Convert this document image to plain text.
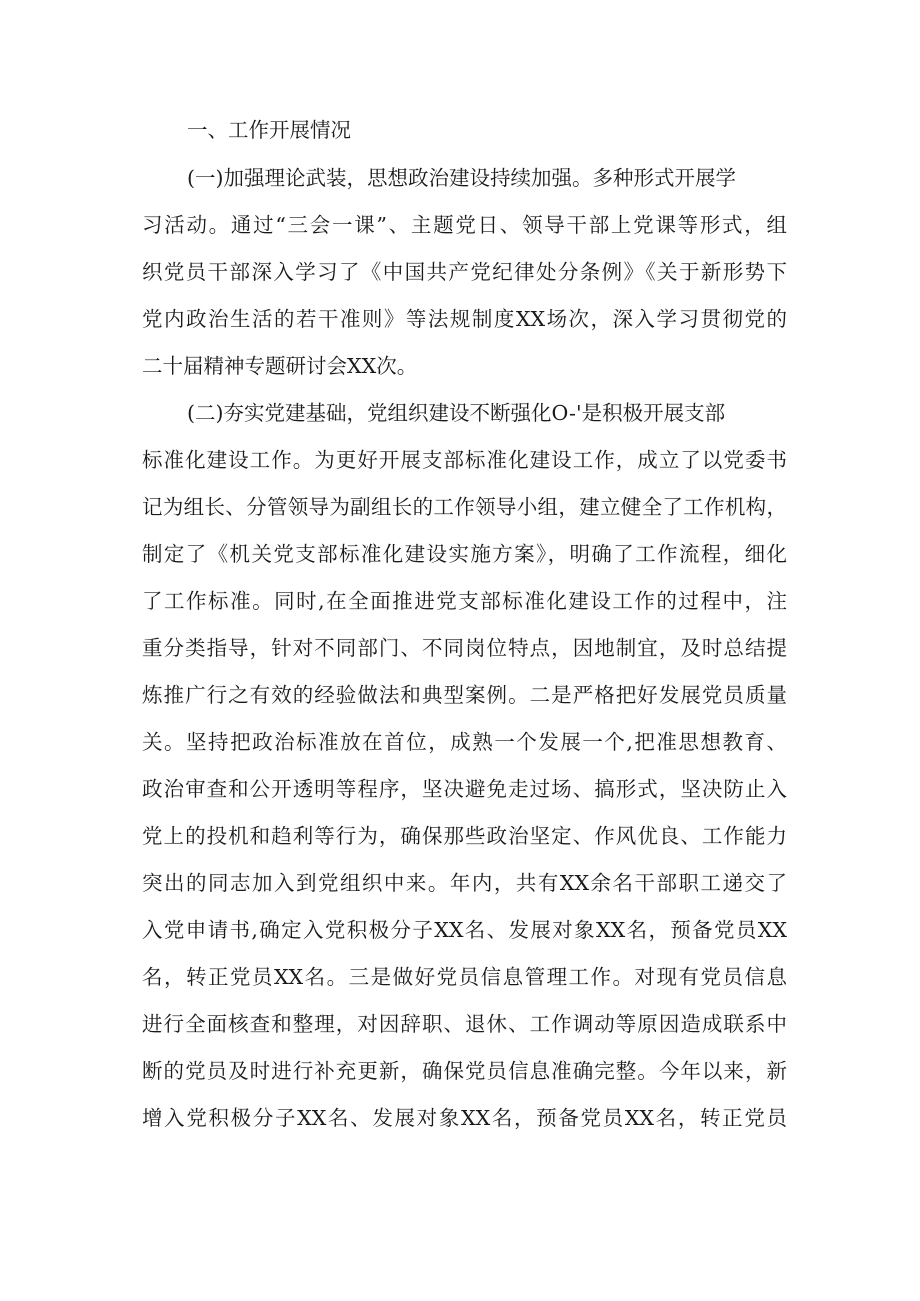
一、工作开展情况
(一)加强理论武装，思想政治建设持续加强。多种形式开展学
习活动。通过“三会一课”、主题党日、领导干部上党课等形式，组
织党员干部深入学习了《中国共产党纪律处分条例》《关于新形势下
党内政治生活的若干准则》等法规制度XX场次，深入学习贯彻党的
二十届精神专题研讨会XX次。
(二)夯实党建基础，党组织建设不断强化O-'是积极开展支部
标准化建设工作。为更好开展支部标准化建设工作，成立了以党委书
记为组长、分管领导为副组长的工作领导小组，建立健全了工作机构，
制定了《机关党支部标准化建设实施方案》，明确了工作流程，细化
了工作标准。同时,在全面推进党支部标准化建设工作的过程中，注
重分类指导，针对不同部门、不同岗位特点，因地制宜，及时总结提
炼推广行之有效的经验做法和典型案例。二是严格把好发展党员质量
关。坚持把政治标准放在首位，成熟一个发展一个,把准思想教育、
政治审查和公开透明等程序，坚决避免走过场、搞形式，坚决防止入
党上的投机和趋利等行为，确保那些政治坚定、作风优良、工作能力
突出的同志加入到党组织中来。年内，共有XX余名干部职工递交了
入党申请书,确定入党积极分子XX名、发展对象XX名，预备党员XX
名，转正党员XX名。三是做好党员信息管理工作。对现有党员信息
进行全面核查和整理，对因辞职、退休、工作调动等原因造成联系中
断的党员及时进行补充更新，确保党员信息准确完整。今年以来，新
增入党积极分子XX名、发展对象XX名，预备党员XX名，转正党员
